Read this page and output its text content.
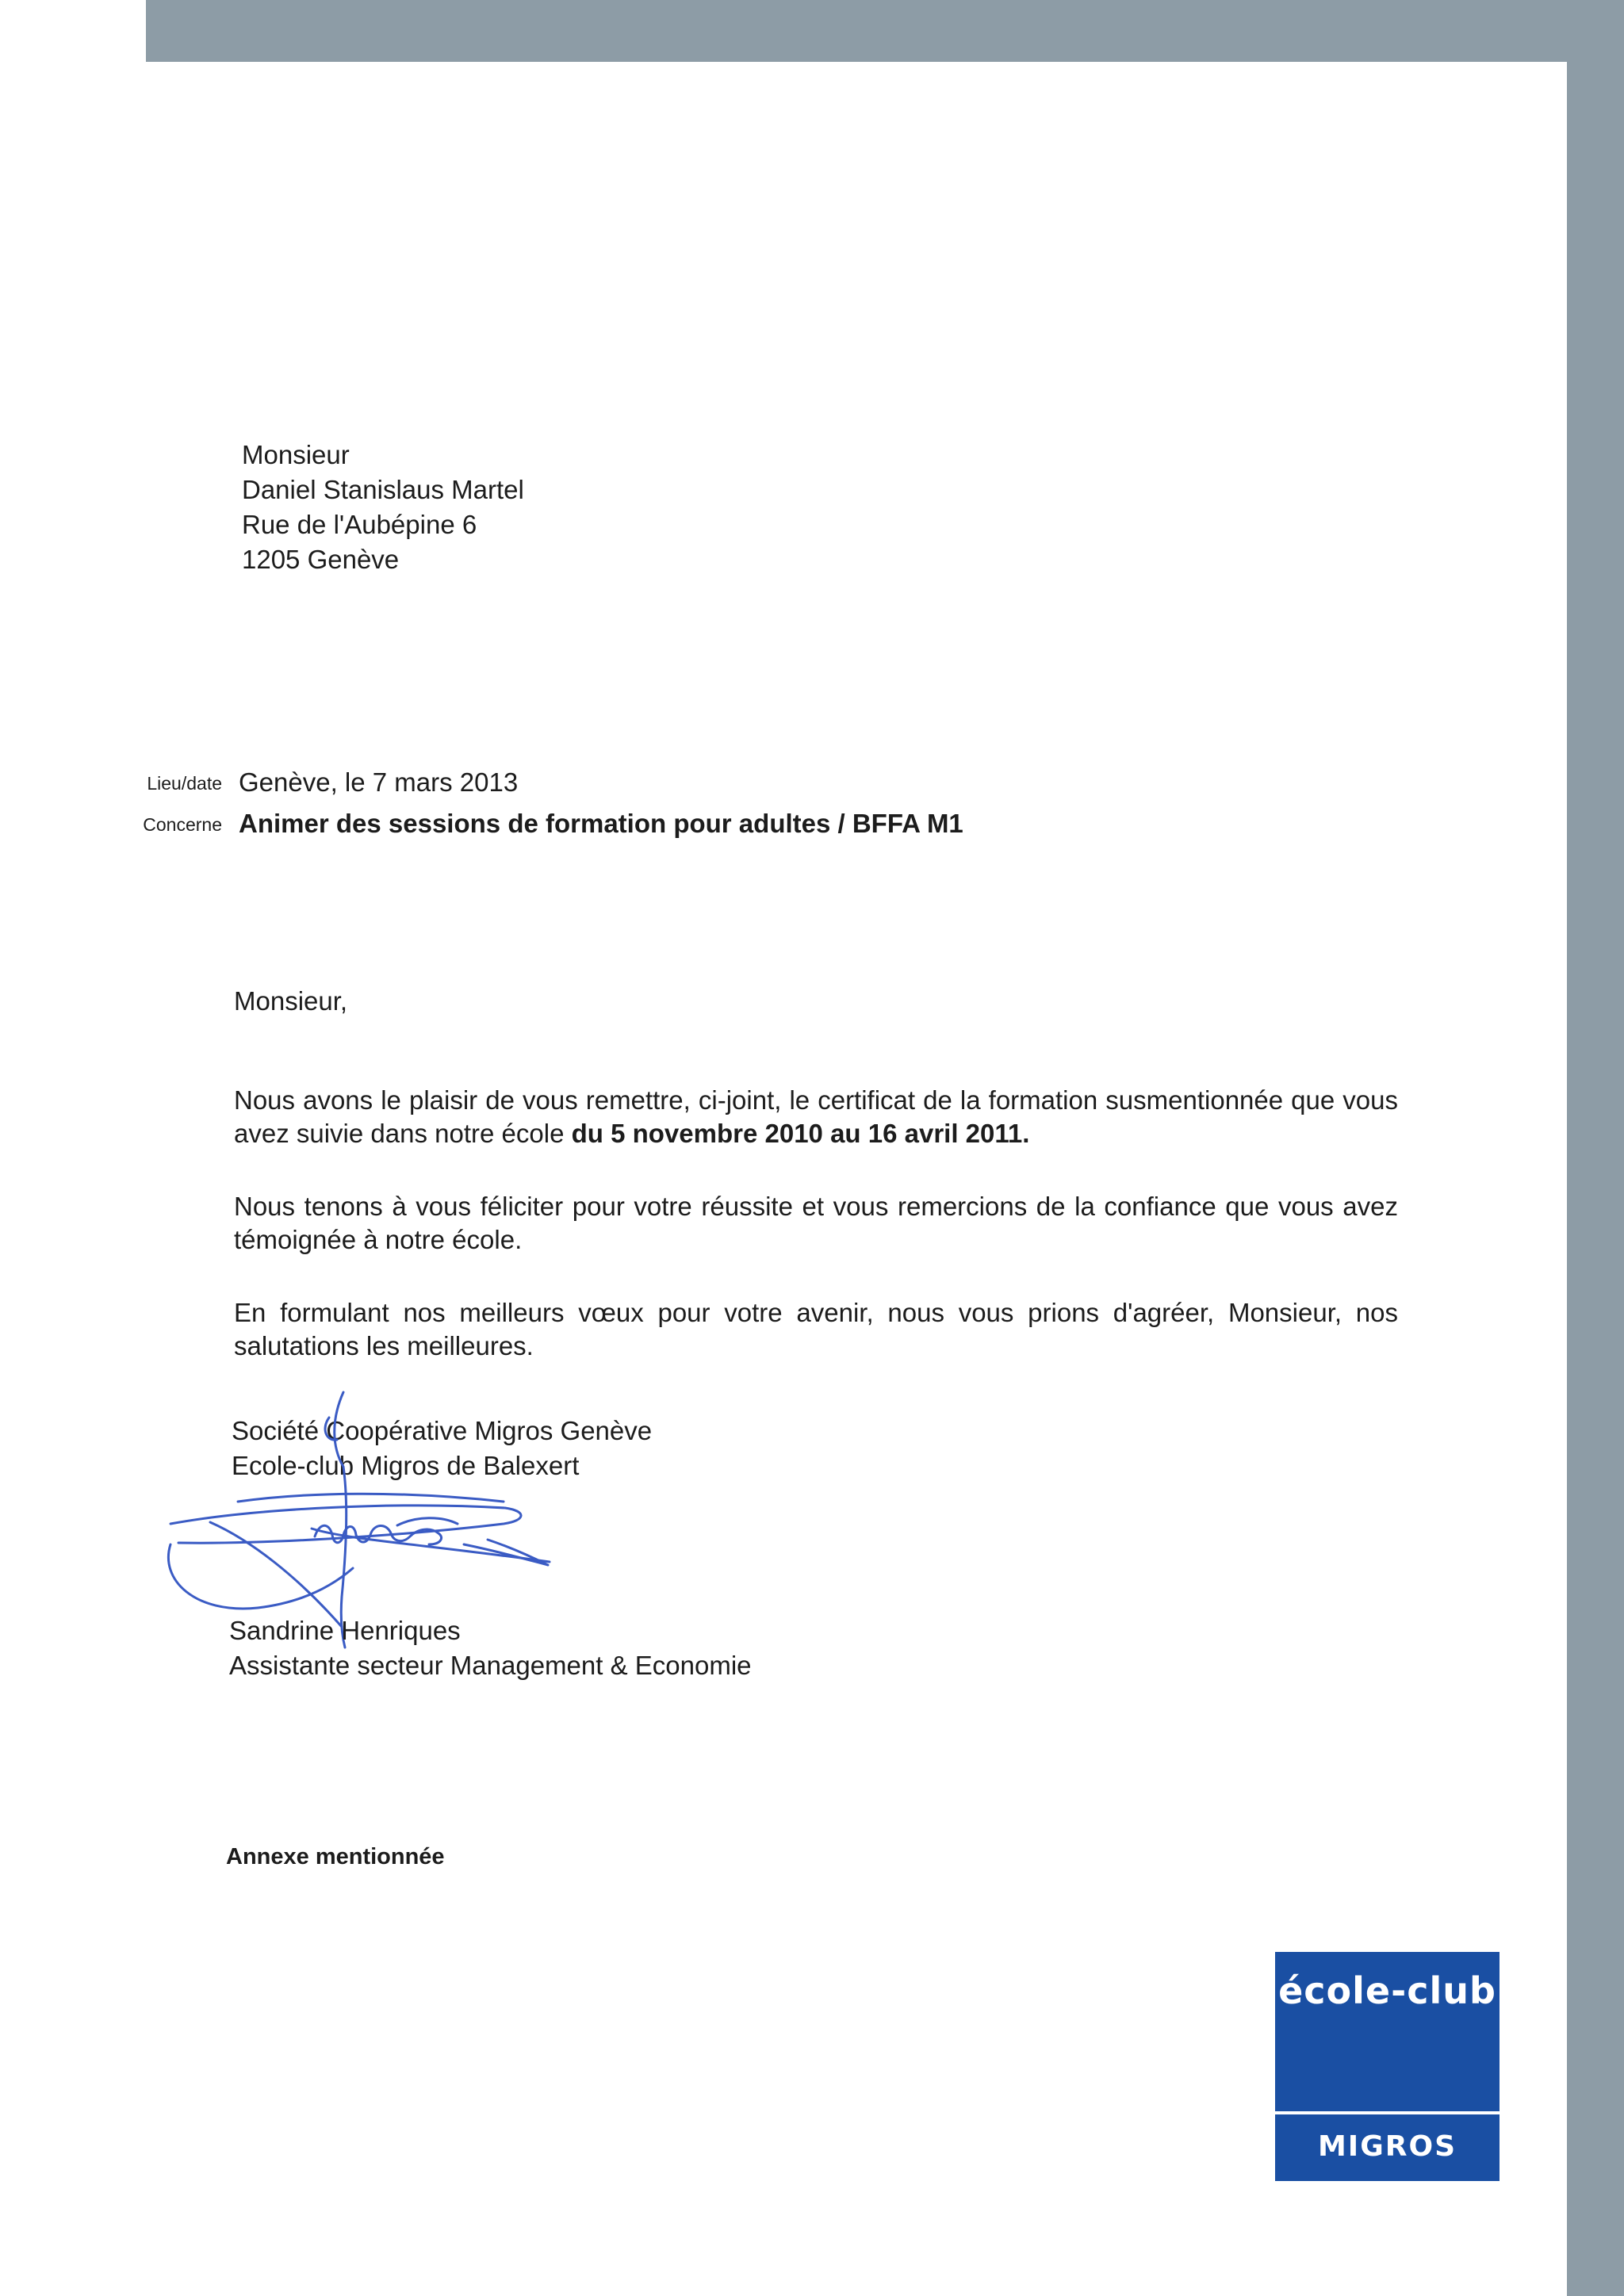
Monsieur

Daniel Stanislaus Martel

Rue de l'Aubépine 6

1205 Genève

Lieu/date Genève, le 7 mars 2013

Concerne Animer des sessions de formation pour adultes / BFFA M1

Monsieur,

Nous avons le plaisir de vous remettre, ci-joint, le certificat de la formation susmentionnée que vous avez suivie dans notre école du 5 novembre 2010 au 16 avril 2011.

Nous tenons à vous féliciter pour votre réussite et vous remercions de la confiance que vous avez témoignée à notre école.

En formulant nos meilleurs vœux pour votre avenir, nous vous prions d'agréer, Monsieur, nos salutations les meilleures.

Société Coopérative Migros Genève

Ecole-club Migros de Balexert

Sandrine Henriques

Assistante secteur Management & Economie

Annexe mentionnée

école-club
MIGROS
